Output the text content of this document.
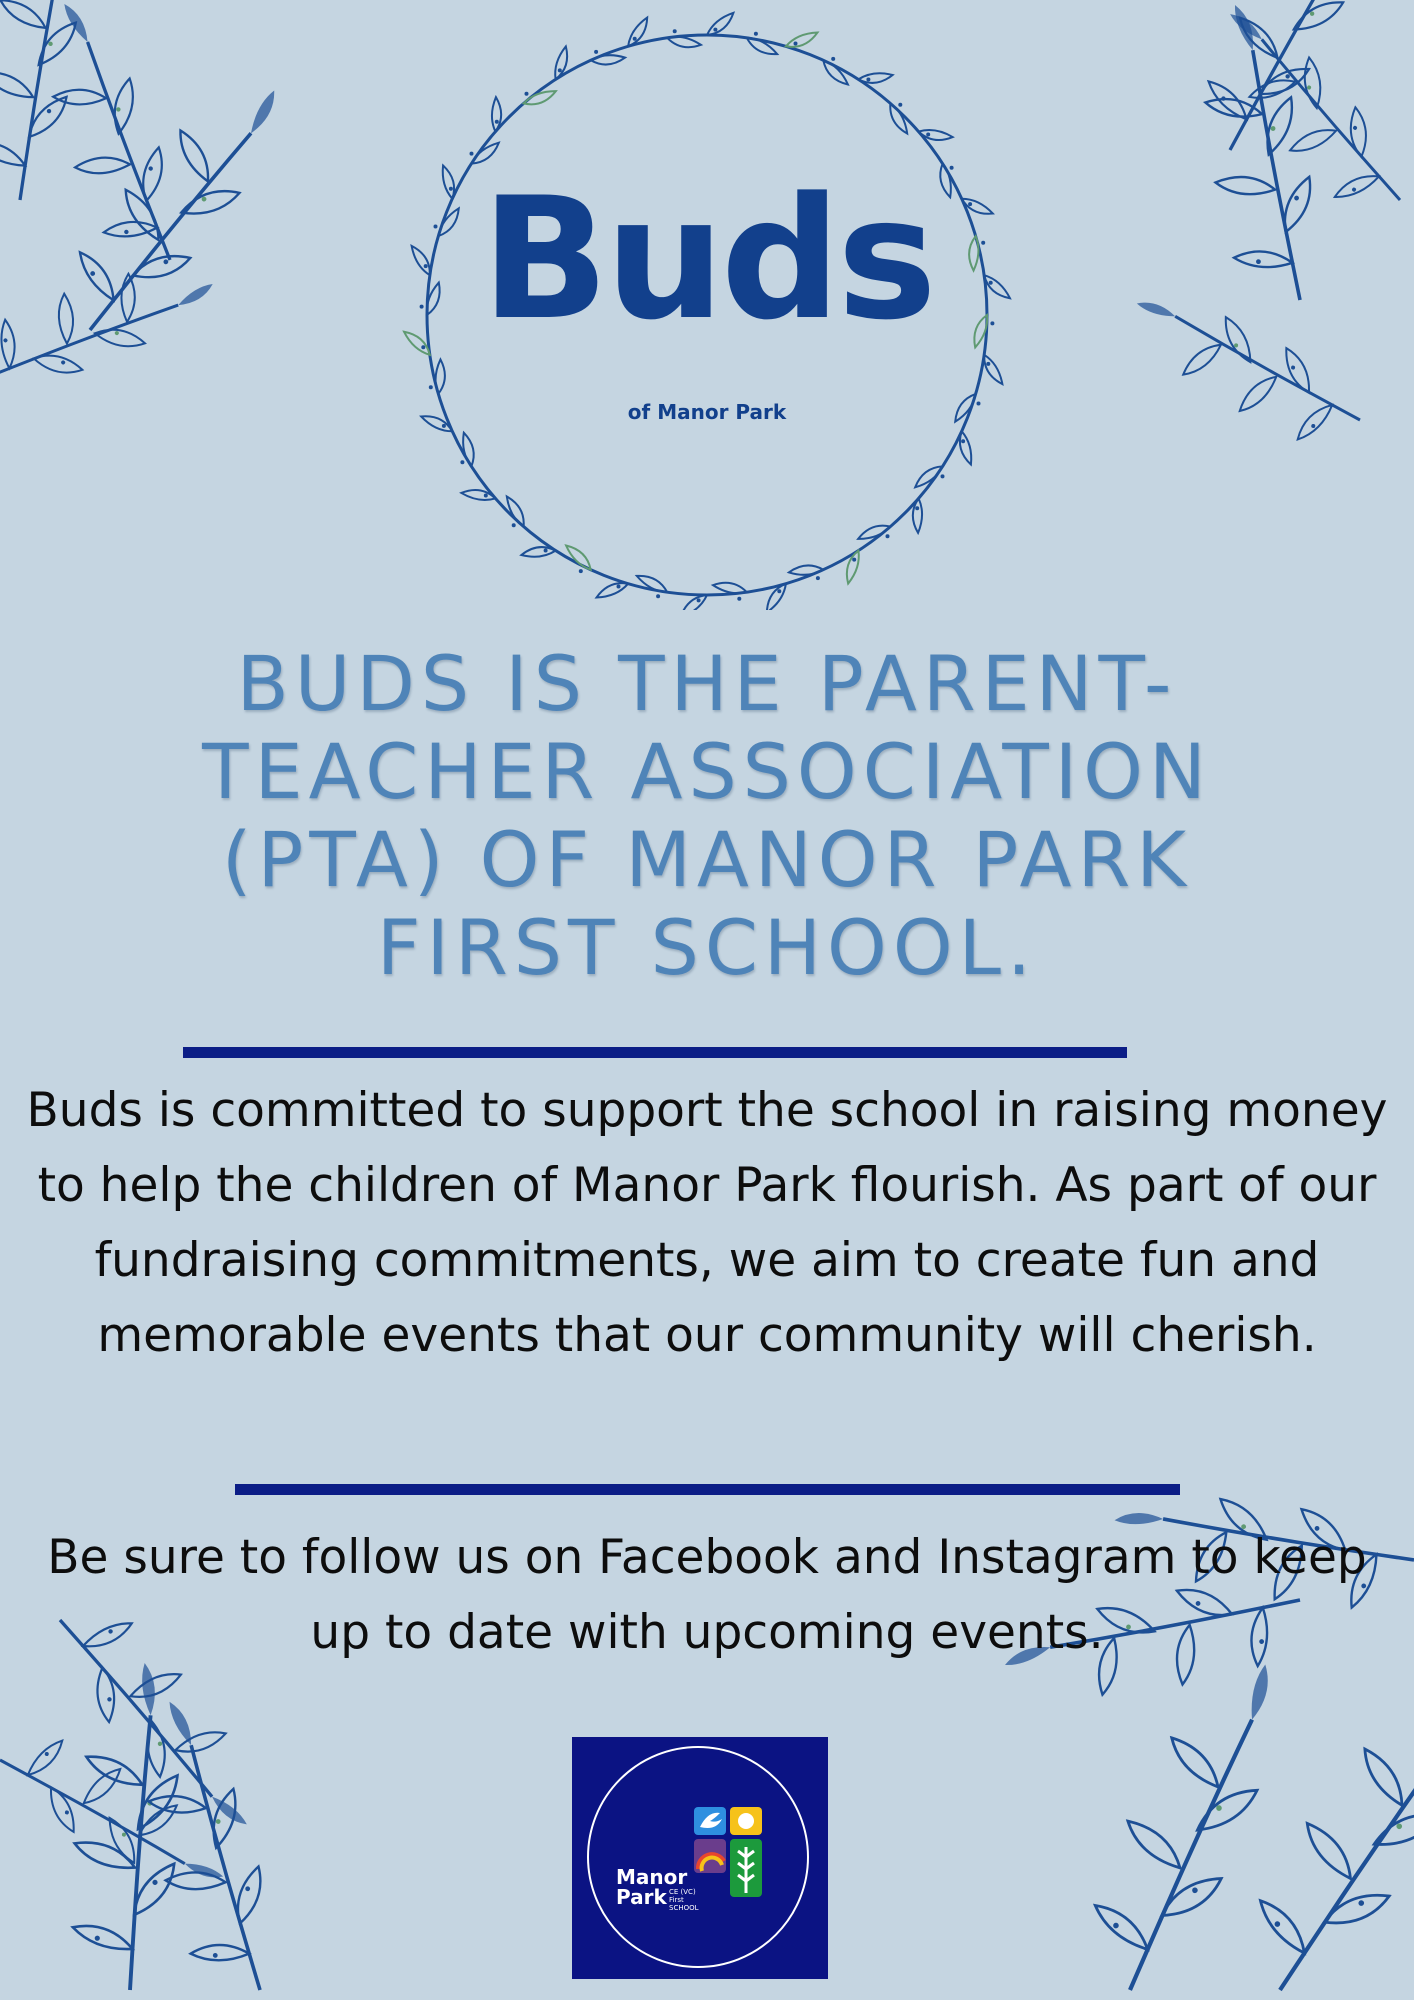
Buds
of Manor Park
BUDS IS THE PARENT-
TEACHER ASSOCIATION
(PTA) OF MANOR PARK
FIRST SCHOOL.
Buds is committed to support the school in raising money to help the children of Manor Park flourish. As part of our fundraising commitments, we aim to create fun and memorable events that our community will cherish.
Be sure to follow us on Facebook and Instagram to keep up to date with upcoming events.
Manor
Park CE (VC) First SCHOOL
